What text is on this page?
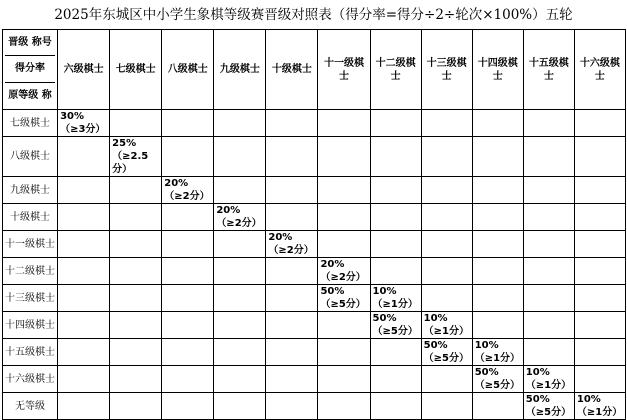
2025年东城区中小学生象棋等级赛晋级对照表（得分率=得分÷2÷轮次×100%）五轮
晋级 称号
得分率
原等级 称	六级棋士	七级棋士	八级棋士	九级棋士	十级棋士	十一级棋士	十二级棋士	十三级棋士	十四级棋士	十五级棋士	十六级棋士
七级棋士	30%（≥3分）										
八级棋士		25%（≥2.5分）									
九级棋士			20%（≥2分）								
十级棋士				20%（≥2分）							
十一级棋士					20%（≥2分）						
十二级棋士						20%（≥2分）					
十三级棋士						50%（≥5分）	10%（≥1分）				
十四级棋士							50%（≥5分）	10%（≥1分）			
十五级棋士								50%（≥5分）	10%（≥1分）		
十六级棋士									50%（≥5分）	10%（≥1分）	
无等级										50%（≥5分）	10%（≥1分）
